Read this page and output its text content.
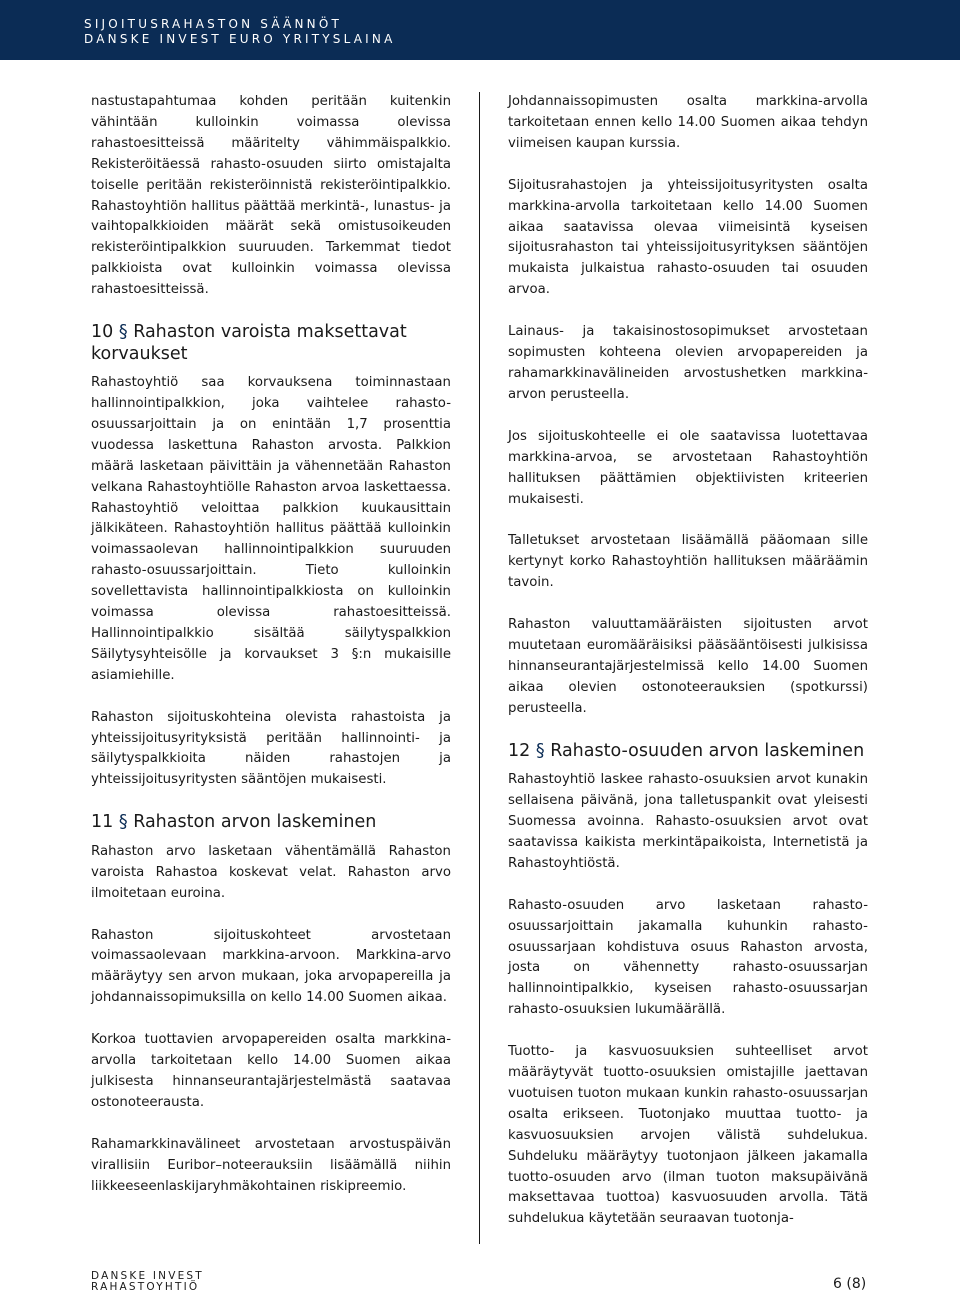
SIJOITUSRAHASTON SÄÄNNÖT
DANSKE INVEST EURO YRITYSLAINA

nastustapahtumaa kohden peritään kuitenkin vähintään kulloinkin voimassa olevissa rahastoesitteissä määritelty vähimmäispalkkio. Rekisteröitäessä rahasto-osuuden siirto omistajalta toiselle peritään rekisteröinnistä rekisteröintipalkkio. Rahastoyhtiön hallitus päättää merkintä-, lunastus- ja vaihtopalkkioiden määrät sekä omistusoikeuden rekisteröintipalkkion suuruuden. Tarkemmat tiedot palkkioista ovat kulloinkin voimassa olevissa rahastoesitteissä.

10 § Rahaston varoista maksettavat korvaukset

Rahastoyhtiö saa korvauksena toiminnastaan hallinnointipalkkion, joka vaihtelee rahasto-osuussarjoittain ja on enintään 1,7 prosenttia vuodessa laskettuna Rahaston arvosta. Palkkion määrä lasketaan päivittäin ja vähennetään Rahaston velkana Rahastoyhtiölle Rahaston arvoa laskettaessa. Rahastoyhtiö veloittaa palkkion kuukausittain jälkikäteen. Rahastoyhtiön hallitus päättää kulloinkin voimassaolevan hallinnointipalkkion suuruuden rahasto-osuussarjoittain. Tieto kulloinkin sovellettavista hallinnointipalkkiosta on kulloinkin voimassa olevissa rahastoesitteissä. Hallinnointipalkkio sisältää säilytyspalkkion Säilytysyhteisölle ja korvaukset 3 §:n mukaisille asiamiehille.

Rahaston sijoituskohteina olevista rahastoista ja yhteissijoitusyrityksistä peritään hallinnointi- ja säilytyspalkkioita näiden rahastojen ja yhteissijoitusyritysten sääntöjen mukaisesti.

11 § Rahaston arvon laskeminen

Rahaston arvo lasketaan vähentämällä Rahaston varoista Rahastoa koskevat velat. Rahaston arvo ilmoitetaan euroina.

Rahaston sijoituskohteet arvostetaan voimassaolevaan markkina-arvoon. Markkina-arvo määräytyy sen arvon mukaan, joka arvopapereilla ja johdannaissopimuksilla on kello 14.00 Suomen aikaa.

Korkoa tuottavien arvopapereiden osalta markkina-arvolla tarkoitetaan kello 14.00 Suomen aikaa julkisesta hinnanseurantajärjestelmästä saatavaa ostonoteerausta.

Rahamarkkinavälineet arvostetaan arvostuspäivän virallisiin Euribor–noteerauksiin lisäämällä niihin liikkeeseenlaskijaryhmäkohtainen riskipreemio.

Johdannaissopimusten osalta markkina-arvolla tarkoitetaan ennen kello 14.00 Suomen aikaa tehdyn viimeisen kaupan kurssia.

Sijoitusrahastojen ja yhteissijoitusyritysten osalta markkina-arvolla tarkoitetaan kello 14.00 Suomen aikaa saatavissa olevaa viimeisintä kyseisen sijoitusrahaston tai yhteissijoitusyrityksen sääntöjen mukaista julkaistua rahasto-osuuden tai osuuden arvoa.

Lainaus- ja takaisinostosopimukset arvostetaan sopimusten kohteena olevien arvopapereiden ja rahamarkkinavälineiden arvostushetken markkina-arvon perusteella.

Jos sijoituskohteelle ei ole saatavissa luotettavaa markkina-arvoa, se arvostetaan Rahastoyhtiön hallituksen päättämien objektiivisten kriteerien mukaisesti.

Talletukset arvostetaan lisäämällä pääomaan sille kertynyt korko Rahastoyhtiön hallituksen määräämin tavoin.

Rahaston valuuttamääräisten sijoitusten arvot muutetaan euromääräisiksi pääsääntöisesti julkisissa hinnanseurantajärjestelmissä kello 14.00 Suomen aikaa olevien ostonoteerauksien (spotkurssi) perusteella.

12 § Rahasto-osuuden arvon laskeminen

Rahastoyhtiö laskee rahasto-osuuksien arvot kunakin sellaisena päivänä, jona talletuspankit ovat yleisesti Suomessa avoinna. Rahasto-osuuksien arvot ovat saatavissa kaikista merkintäpaikoista, Internetistä ja Rahastoyhtiöstä.

Rahasto-osuuden arvo lasketaan rahasto-osuussarjoittain jakamalla kuhunkin rahasto-osuussarjaan kohdistuva osuus Rahaston arvosta, josta on vähennetty rahasto-osuussarjan hallinnointipalkkio, kyseisen rahasto-osuussarjan rahasto-osuuksien lukumäärällä.

Tuotto- ja kasvuosuuksien suhteelliset arvot määräytyvät tuotto-osuuksien omistajille jaettavan vuotuisen tuoton mukaan kunkin rahasto-osuussarjan osalta erikseen. Tuotonjako muuttaa tuotto- ja kasvuosuuksien arvojen välistä suhdelukua. Suhdeluku määräytyy tuotonjaon jälkeen jakamalla tuotto-osuuden arvo (ilman tuoton maksupäivänä maksettavaa tuottoa) kasvuosuuden arvolla. Tätä suhdelukua käytetään seuraavan tuotonja-

DANSKE INVEST
RAHASTOYHTIÖ	6 (8)
